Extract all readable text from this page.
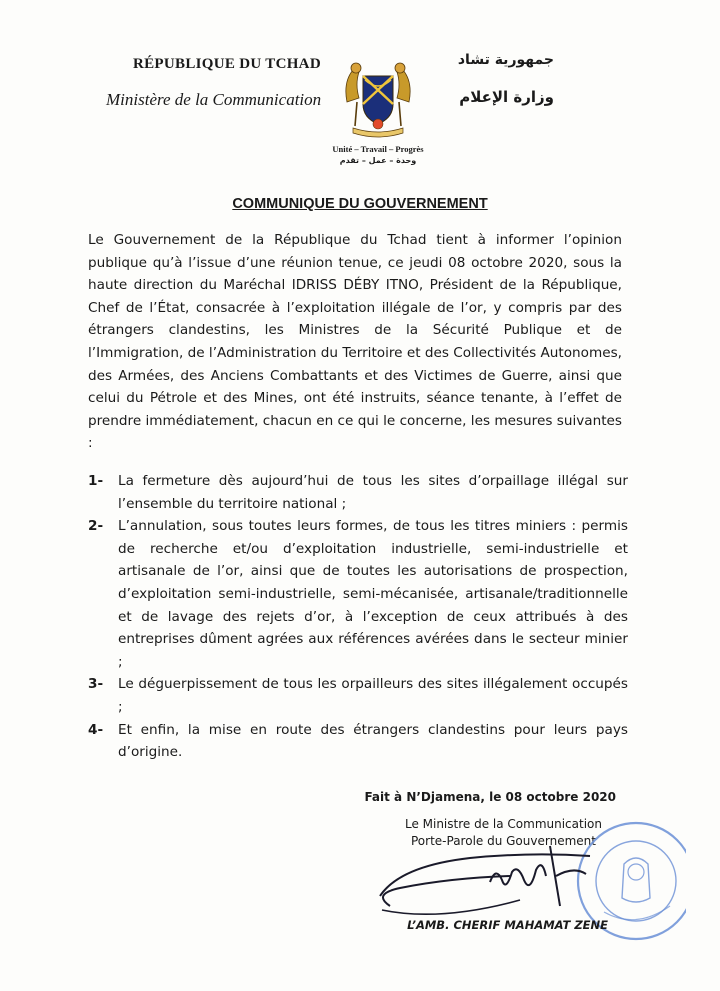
RÉPUBLIQUE DU TCHAD
Ministère de la Communication
جمهورية تشاد
وزارة الإعلام
Unité – Travail – Progrès
وحدة – عمل – تقدم
COMMUNIQUE DU GOUVERNEMENT

Le Gouvernement de la République du Tchad tient à informer l’opinion publique qu’à l’issue d’une réunion tenue, ce jeudi 08 octobre 2020, sous la haute direction du Maréchal IDRISS DÉBY ITNO, Président de la République, Chef de l’État, consacrée à l’exploitation illégale de l’or, y compris par des étrangers clandestins, les Ministres de la Sécurité Publique et de l’Immigration, de l’Administration du Territoire et des Collectivités Autonomes, des Armées, des Anciens Combattants et des Victimes de Guerre, ainsi que celui du Pétrole et des Mines, ont été instruits, séance tenante, à l’effet de prendre immédiatement, chacun en ce qui le concerne, les mesures suivantes :

1-	La fermeture dès aujourd’hui de tous les sites d’orpaillage illégal sur l’ensemble du territoire national ;
2-	L’annulation, sous toutes leurs formes, de tous les titres miniers : permis de recherche et/ou d’exploitation industrielle, semi-industrielle et artisanale de l’or, ainsi que de toutes les autorisations de prospection, d’exploitation semi-industrielle, semi-mécanisée, artisanale/traditionnelle et de lavage des rejets d’or, à l’exception de ceux attribués à des entreprises dûment agrées aux références avérées dans le secteur minier ;
3-	Le déguerpissement de tous les orpailleurs des sites illégalement occupés ;
4-	Et enfin, la mise en route des étrangers clandestins pour leurs pays d’origine.
Fait à N’Djamena, le 08 octobre 2020
Le Ministre de la Communication
Porte-Parole du Gouvernement
L’AMB. CHERIF MAHAMAT ZENE
